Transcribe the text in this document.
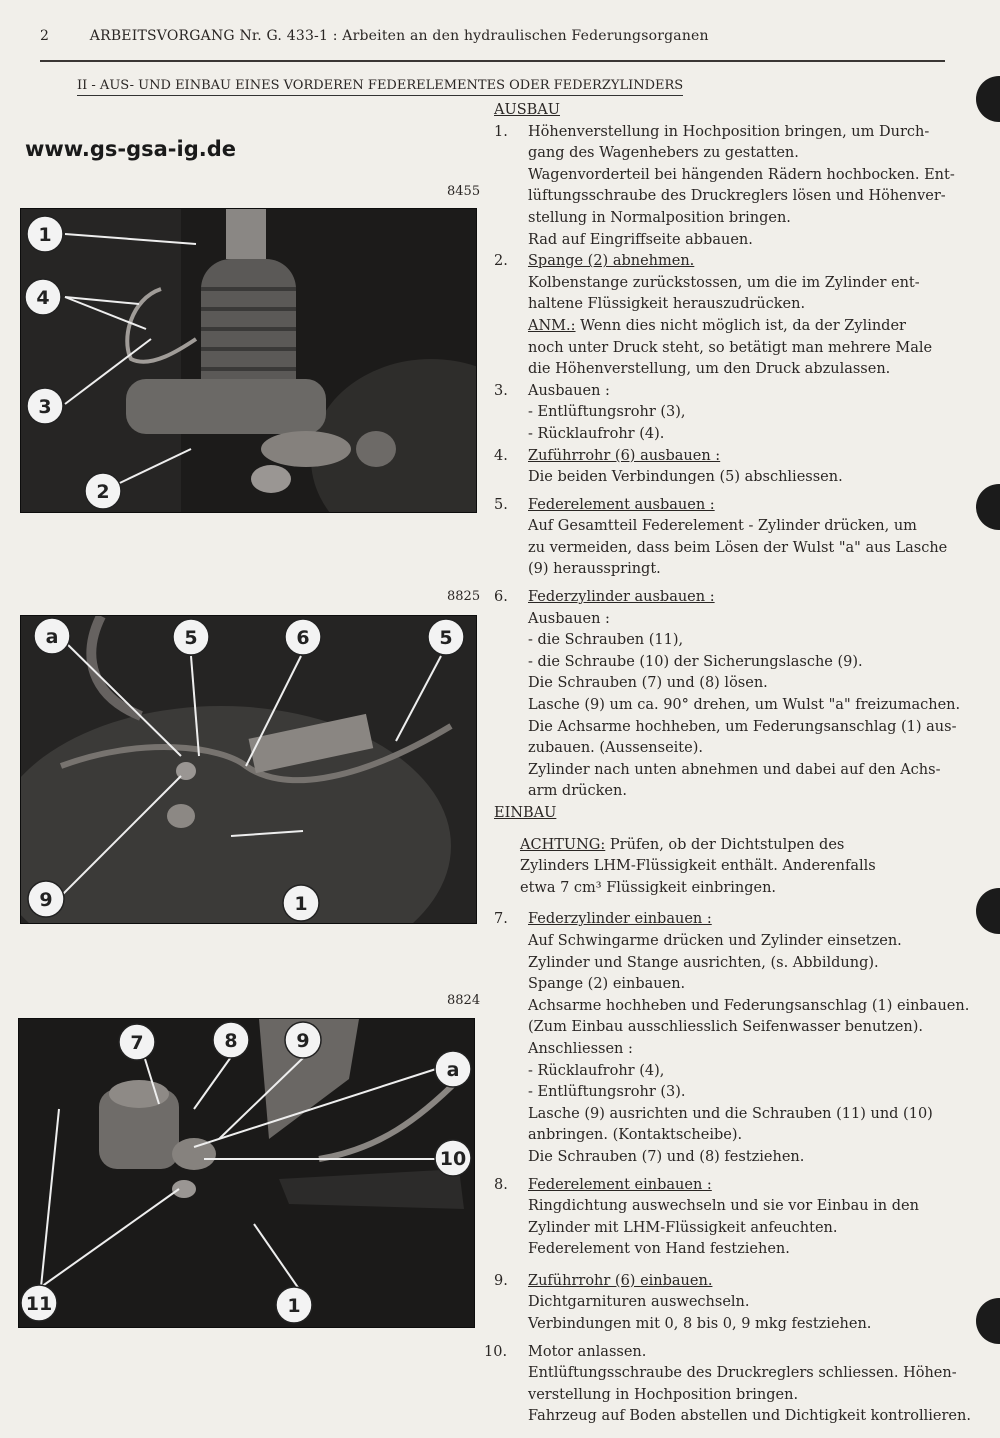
2	ARBEITSVORGANG Nr. G. 433-1 : Arbeiten an den hydraulischen Federungsorganen
II - AUS- UND EINBAU EINES VORDEREN FEDERELEMENTES ODER FEDERZYLINDERS
www.gs-gsa-ig.de
8455
1
4
3
2
8825
a	5	6	5
9	1
8824
7	8	9
a
10
11	1

AUSBAU

1. Höhenverstellung in Hochposition bringen, um Durch-

gang des Wagenhebers zu gestatten.

Wagenvorderteil bei hängenden Rädern hochbocken. Ent-

lüftungsschraube des Druckreglers lösen und Höhenver-

stellung in Normalposition bringen.

Rad auf Eingriffseite abbauen.

2. Spange (2) abnehmen.

Kolbenstange zurückstossen, um die im Zylinder ent-

haltene Flüssigkeit herauszudrücken.

ANM.: Wenn dies nicht möglich ist, da der Zylinder

noch unter Druck steht, so betätigt man mehrere Male

die Höhenverstellung, um den Druck abzulassen.

3. Ausbauen :

- Entlüftungsrohr (3),

- Rücklaufrohr (4).

4. Zuführrohr (6) ausbauen :

Die beiden Verbindungen (5) abschliessen.

5. Federelement ausbauen :

Auf Gesamtteil Federelement - Zylinder drücken, um

zu vermeiden, dass beim Lösen der Wulst "a" aus Lasche

(9) herausspringt.

6. Federzylinder ausbauen :

Ausbauen :

- die Schrauben (11),

- die Schraube (10) der Sicherungslasche (9).

Die Schrauben (7) und (8) lösen.

Lasche (9) um ca. 90° drehen, um Wulst "a" freizumachen.

Die Achsarme hochheben, um Federungsanschlag (1) aus-

zubauen. (Aussenseite).

Zylinder nach unten abnehmen und dabei auf den Achs-

arm drücken.

EINBAU

ACHTUNG: Prüfen, ob der Dichtstulpen des

Zylinders LHM-Flüssigkeit enthält. Anderenfalls

etwa 7 cm³ Flüssigkeit einbringen.

7. Federzylinder einbauen :

Auf Schwingarme drücken und Zylinder einsetzen.

Zylinder und Stange ausrichten, (s. Abbildung).

Spange (2) einbauen.

Achsarme hochheben und Federungsanschlag (1) einbauen.

(Zum Einbau ausschliesslich Seifenwasser benutzen).

Anschliessen :

- Rücklaufrohr (4),

- Entlüftungsrohr (3).

Lasche (9) ausrichten und die Schrauben (11) und (10)

anbringen. (Kontaktscheibe).

Die Schrauben (7) und (8) festziehen.

8. Federelement einbauen :

Ringdichtung auswechseln und sie vor Einbau in den

Zylinder mit LHM-Flüssigkeit anfeuchten.

Federelement von Hand festziehen.

9. Zuführrohr (6) einbauen.

Dichtgarnituren auswechseln.

Verbindungen mit 0, 8 bis 0, 9 mkg festziehen.

10. Motor anlassen.

Entlüftungsschraube des Druckreglers schliessen. Höhen-

verstellung in Hochposition bringen.

Fahrzeug auf Boden abstellen und Dichtigkeit kontrollieren.
